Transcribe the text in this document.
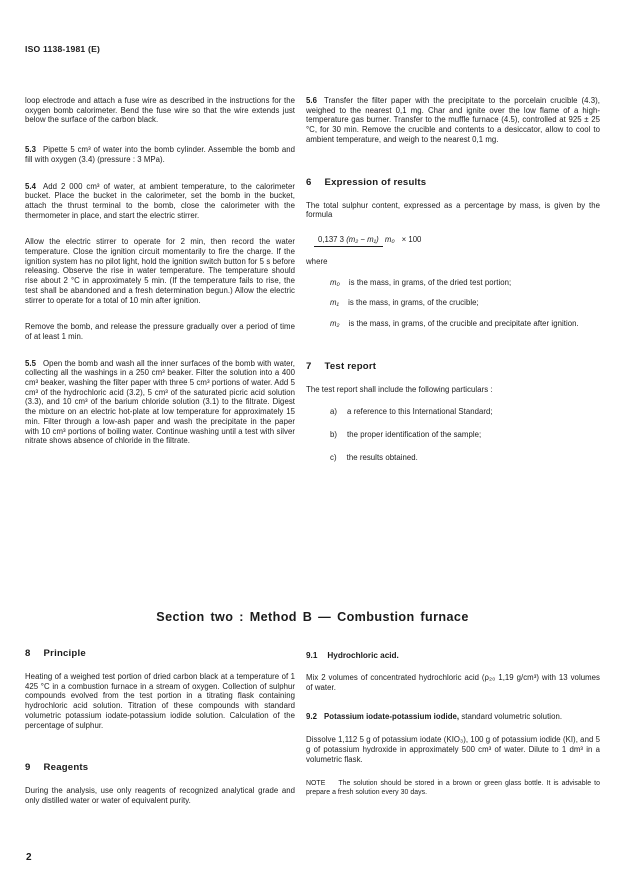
ISO 1138-1981 (E)

loop electrode and attach a fuse wire as described in the instructions for the oxygen bomb calorimeter. Bend the fuse wire so that the wire extends just below the surface of the carbon black.

5.3 Pipette 5 cm³ of water into the bomb cylinder. Assemble the bomb and fill with oxygen (3.4) (pressure : 3 MPa).

5.4 Add 2 000 cm³ of water, at ambient temperature, to the calorimeter bucket. Place the bucket in the calorimeter, set the bomb in the bucket, attach the thrust terminal to the bomb, close the calorimeter with the thermometer in place, and start the electric stirrer.

Allow the electric stirrer to operate for 2 min, then record the water temperature. Close the ignition circuit momentarily to fire the charge. If the ignition system has no pilot light, hold the ignition switch button for 5 s before releasing. Observe the rise in water temperature. The temperature should rise about 2 °C in approximately 5 min. (If the temperature fails to rise, the test shall be abandoned and a fresh determination begun.) Allow the electric stirrer to operate for a total of 10 min after ignition.

Remove the bomb, and release the pressure gradually over a period of time of at least 1 min.

5.5 Open the bomb and wash all the inner surfaces of the bomb with water, collecting all the washings in a 250 cm³ beaker. Filter the solution into a 400 cm³ beaker, washing the filter paper with three 5 cm³ portions of water. Add 5 cm³ of the hydrochloric acid (3.2), 5 cm³ of the saturated picric acid solution (3.3), and 10 cm³ of the barium chloride solution (3.1) to the filtrate. Digest the mixture on an electric hot-plate at low temperature for approximately 15 min. Filter through a low-ash paper and wash the precipitate in the paper with 10 cm³ portions of boiling water. Continue washing until a test with silver nitrate shows absence of chloride in the filtrate.

5.6 Transfer the filter paper with the precipitate to the porcelain crucible (4.3), weighed to the nearest 0,1 mg. Char and ignite over the low flame of a high-temperature gas burner. Transfer to the muffle furnace (4.5), controlled at 925 ± 25 °C, for 30 min. Remove the crucible and contents to a desiccator, allow to cool to ambient temperature, and weigh to the nearest 0,1 mg.

6 Expression of results

The total sulphur content, expressed as a percentage by mass, is given by the formula

0,137 3 (m₂ − m₁) m₀ × 100

where

m₀ is the mass, in grams, of the dried test portion;

m₁ is the mass, in grams, of the crucible;

m₂ is the mass, in grams, of the crucible and precipitate after ignition.

7 Test report

The test report shall include the following particulars :

a) a reference to this International Standard;

b) the proper identification of the sample;

c) the results obtained.

Section two : Method B — Combustion furnace
8 Principle

Heating of a weighed test portion of dried carbon black at a temperature of 1 425 °C in a combustion furnace in a stream of oxygen. Collection of sulphur compounds evolved from the test portion in a titrating flask containing hydrochloric acid solution. Titration of these compounds with standard volumetric potassium iodate-potassium iodide solution. Calculation of the percentage of sulphur.

9 Reagents

During the analysis, use only reagents of recognized analytical grade and only distilled water or water of equivalent purity.

9.1 Hydrochloric acid.

Mix 2 volumes of concentrated hydrochloric acid (ρ₂₀ 1,19 g/cm³) with 13 volumes of water.

9.2 Potassium iodate-potassium iodide, standard volumetric solution.

Dissolve 1,112 5 g of potassium iodate (KIO₃), 100 g of potassium iodide (KI), and 5 g of potassium hydroxide in approximately 500 cm³ of water. Dilute to 1 dm³ in a volumetric flask.

NOTE The solution should be stored in a brown or green glass bottle. It is advisable to prepare a fresh solution every 30 days.

2
